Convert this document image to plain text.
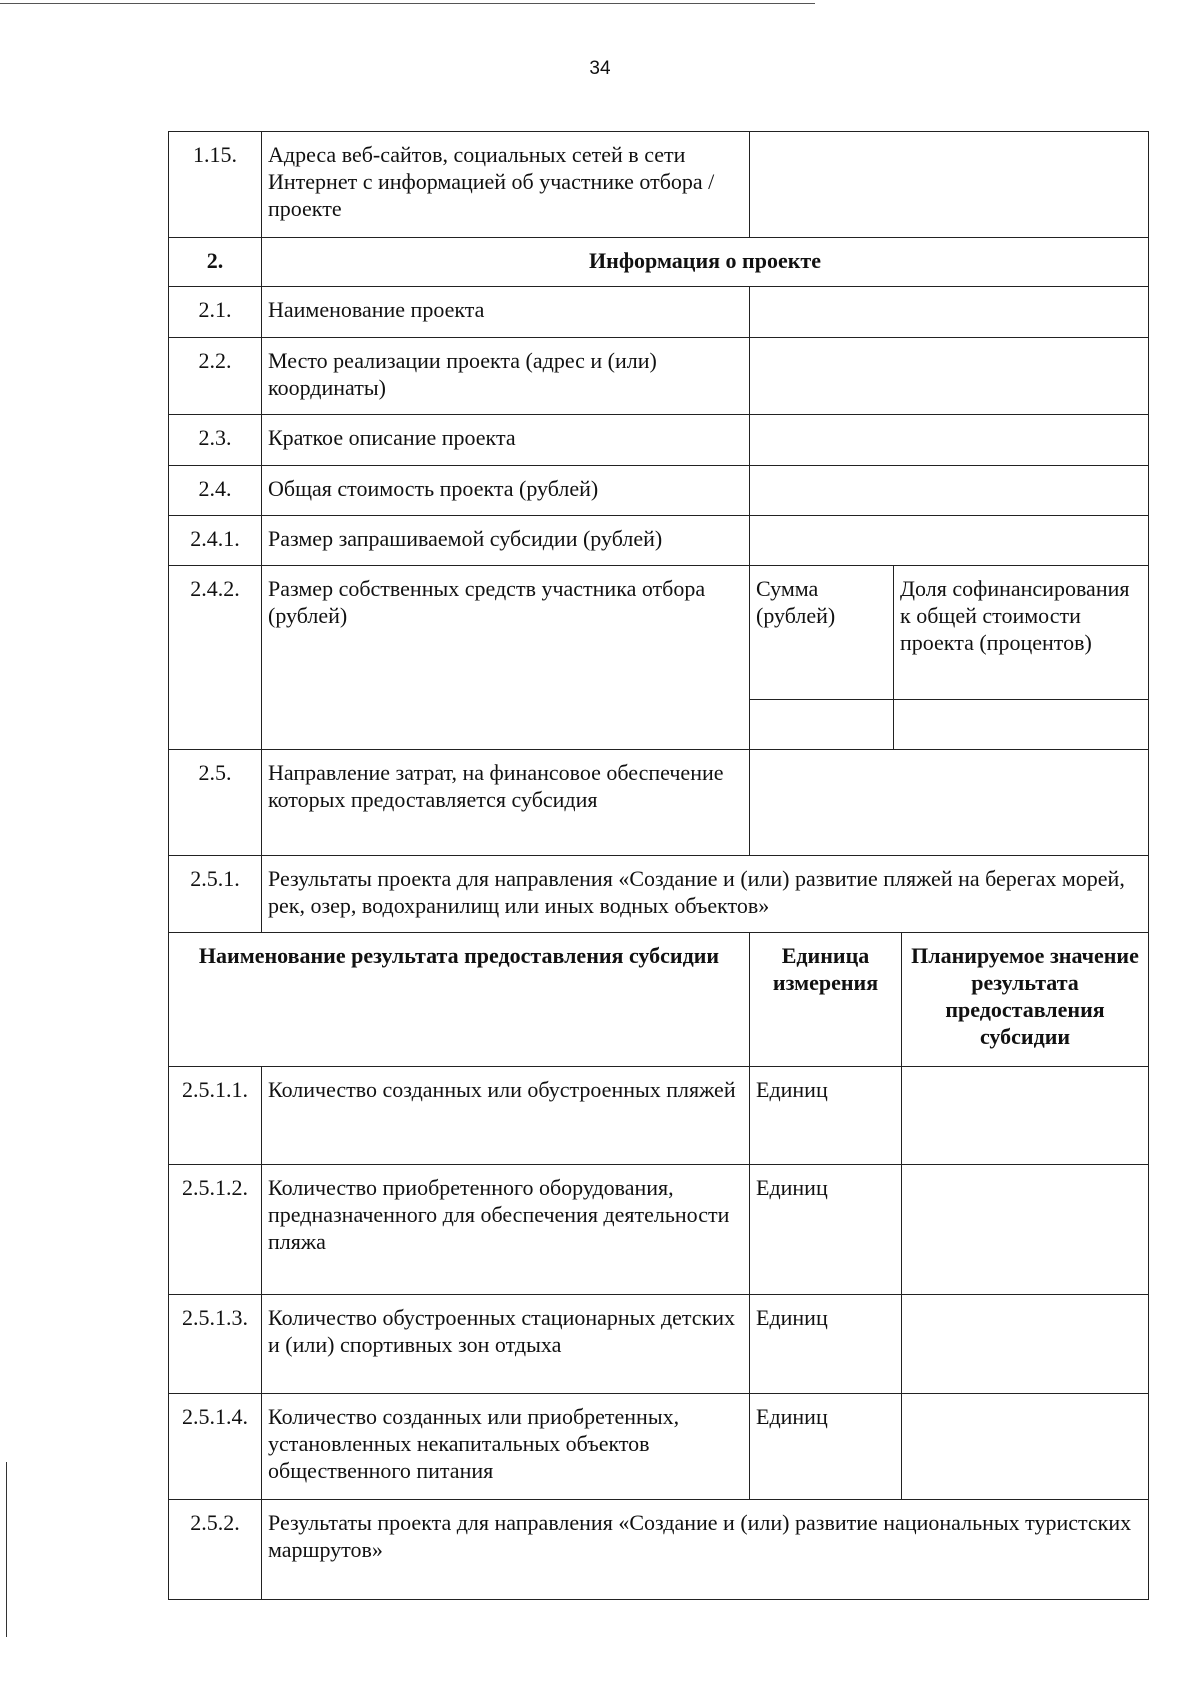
34
1.15.	Адреса веб-сайтов, социальных сетей в сети Интернет с информацией об участнике отбора / проекте			
2.	Информация о проекте			
2.1.	Наименование проекта			
2.2.	Место реализации проекта (адрес и (или) координаты)			
2.3.	Краткое описание проекта			
2.4.	Общая стоимость проекта (рублей)			
2.4.1.	Размер запрашиваемой субсидии (рублей)			
2.4.2.	Размер собственных средств участника отбора (рублей)	Сумма (рублей)	Доля софинансирования к общей стоимости проекта (процентов)	

2.5.	Направление затрат, на финансовое обеспечение которых предоставляется субсидия			
2.5.1.	Результаты проекта для направления «Создание и (или) развитие пляжей на берегах морей, рек, озер, водохранилищ или иных водных объектов»			
Наименование результата предоставления субсидии		Единица измерения		Планируемое значение результата предоставления субсидии
2.5.1.1.	Количество созданных или обустроенных пляжей	Единиц		
2.5.1.2.	Количество приобретенного оборудования, предназначенного для обеспечения деятельности пляжа	Единиц		
2.5.1.3.	Количество обустроенных стационарных детских и (или) спортивных зон отдыха	Единиц		
2.5.1.4.	Количество созданных или приобретенных, установленных некапитальных объектов общественного питания	Единиц		
2.5.2.	Результаты проекта для направления «Создание и (или) развитие национальных туристских маршрутов»			
